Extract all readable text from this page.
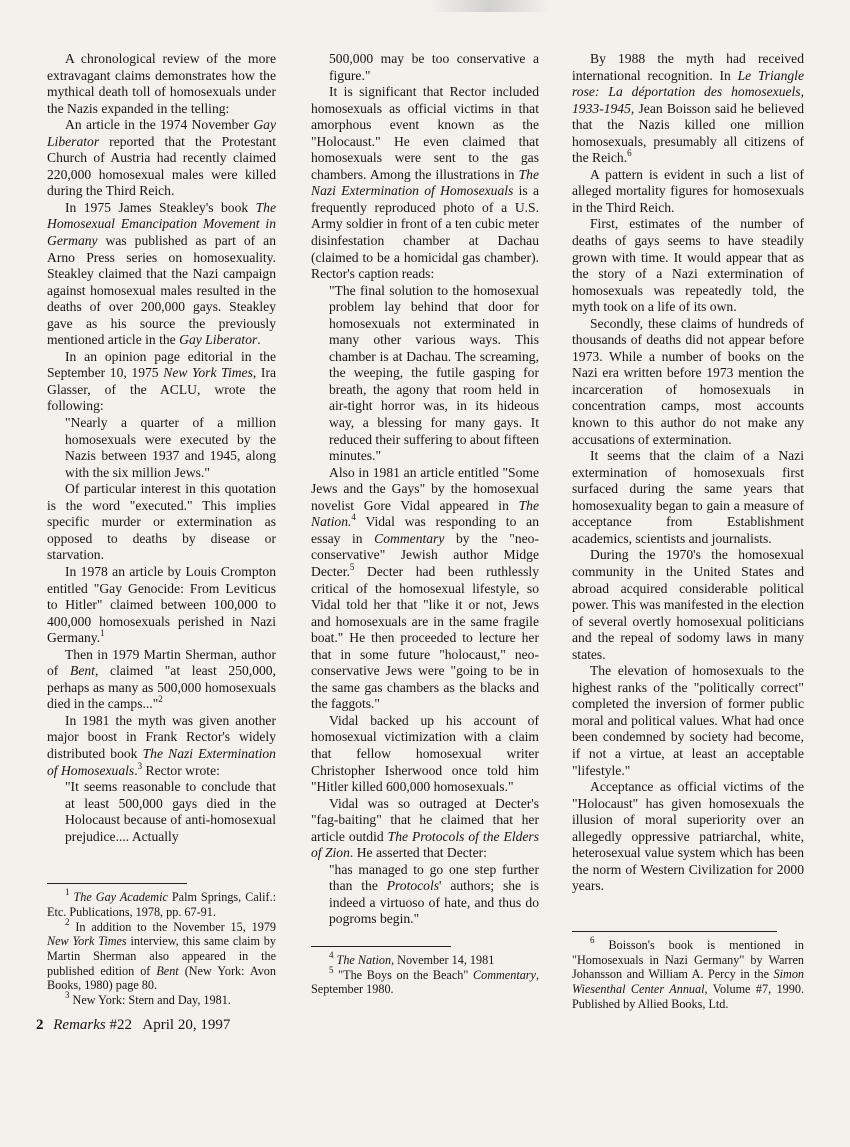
A chronological review of the more extravagant claims demonstrates how the mythical death toll of homosexuals under the Nazis expanded in the telling:

An article in the 1974 November Gay Liberator reported that the Protestant Church of Austria had recently claimed 220,000 homosexual males were killed during the Third Reich.

In 1975 James Steakley's book The Homosexual Emancipation Movement in Germany was published as part of an Arno Press series on homosexuality. Steakley claimed that the Nazi campaign against homosexual males resulted in the deaths of over 200,000 gays. Steakley gave as his source the previously mentioned article in the Gay Liberator.

In an opinion page editorial in the September 10, 1975 New York Times, Ira Glasser, of the ACLU, wrote the following:

"Nearly a quarter of a million homosexuals were executed by the Nazis between 1937 and 1945, along with the six million Jews."

Of particular interest in this quotation is the word "executed." This implies specific murder or extermination as opposed to deaths by disease or starvation.

In 1978 an article by Louis Crompton entitled "Gay Genocide: From Leviticus to Hitler" claimed between 100,000 to 400,000 homosexuals perished in Nazi Germany.$^1$

Then in 1979 Martin Sherman, author of Bent, claimed "at least 250,000, perhaps as many as 500,000 homosexuals died in the camps..."$^2$

In 1981 the myth was given another major boost in Frank Rector's widely distributed book The Nazi Extermination of Homosexuals.$^3$ Rector wrote:

"It seems reasonable to conclude that at least 500,000 gays died in the Holocaust because of anti-homosexual prejudice.... Actually

$^1$ The Gay Academic Palm Springs, Calif.: Etc. Publications, 1978, pp. 67-91.

$^2$ In addition to the November 15, 1979 New York Times interview, this same claim by Martin Sherman also appeared in the published edition of Bent (New York: Avon Books, 1980) page 80.

$^3$ New York: Stern and Day, 1981.

500,000 may be too conservative a figure."

It is significant that Rector included homosexuals as official victims in that amorphous event known as the "Holocaust." He even claimed that homosexuals were sent to the gas chambers. Among the illustrations in The Nazi Extermination of Homosexuals is a frequently reproduced photo of a U.S. Army soldier in front of a ten cubic meter disinfestation chamber at Dachau (claimed to be a homicidal gas chamber). Rector's caption reads:

"The final solution to the homosexual problem lay behind that door for homosexuals not exterminated in many other various ways. This chamber is at Dachau. The screaming, the weeping, the futile gasping for breath, the agony that room held in air-tight horror was, in its hideous way, a blessing for many gays. It reduced their suffering to about fifteen minutes."

Also in 1981 an article entitled "Some Jews and the Gays" by the homosexual novelist Gore Vidal appeared in The Nation.$^4$ Vidal was responding to an essay in Commentary by the "neo-conservative" Jewish author Midge Decter.$^5$ Decter had been ruthlessly critical of the homosexual lifestyle, so Vidal told her that "like it or not, Jews and homosexuals are in the same fragile boat." He then proceeded to lecture her that in some future "holocaust," neo-conservative Jews were "going to be in the same gas chambers as the blacks and the faggots."

Vidal backed up his account of homosexual victimization with a claim that fellow homosexual writer Christopher Isherwood once told him "Hitler killed 600,000 homosexuals."

Vidal was so outraged at Decter's "fag-baiting" that he claimed that her article outdid The Protocols of the Elders of Zion. He asserted that Decter:

"has managed to go one step further than the Protocols' authors; she is indeed a virtuoso of hate, and thus do pogroms begin."

$^4$ The Nation, November 14, 1981

$^5$ "The Boys on the Beach" Commentary, September 1980.

By 1988 the myth had received international recognition. In Le Triangle rose: La déportation des homosexuels, 1933-1945, Jean Boisson said he believed that the Nazis killed one million homosexuals, presumably all citizens of the Reich.$^6$

A pattern is evident in such a list of alleged mortality figures for homosexuals in the Third Reich.

First, estimates of the number of deaths of gays seems to have steadily grown with time. It would appear that as the story of a Nazi extermination of homosexuals was repeatedly told, the myth took on a life of its own.

Secondly, these claims of hundreds of thousands of deaths did not appear before 1973. While a number of books on the Nazi era written before 1973 mention the incarceration of homosexuals in concentration camps, most accounts known to this author do not make any accusations of extermination.

It seems that the claim of a Nazi extermination of homosexuals first surfaced during the same years that homosexuality began to gain a measure of acceptance from Establishment academics, scientists and journalists.

During the 1970's the homosexual community in the United States and abroad acquired considerable political power. This was manifested in the election of several overtly homosexual politicians and the repeal of sodomy laws in many states.

The elevation of homosexuals to the highest ranks of the "politically correct" completed the inversion of former public moral and political values. What had once been condemned by society had become, if not a virtue, at least an acceptable "lifestyle."

Acceptance as official victims of the "Holocaust" has given homosexuals the illusion of moral superiority over an allegedly oppressive patriarchal, white, heterosexual value system which has been the norm of Western Civilization for 2000 years.

$^6$ Boisson's book is mentioned in "Homosexuals in Nazi Germany" by Warren Johansson and William A. Percy in the Simon Wiesenthal Center Annual, Volume #7, 1990. Published by Allied Books, Ltd.

2 Remarks #22   April 20, 1997
